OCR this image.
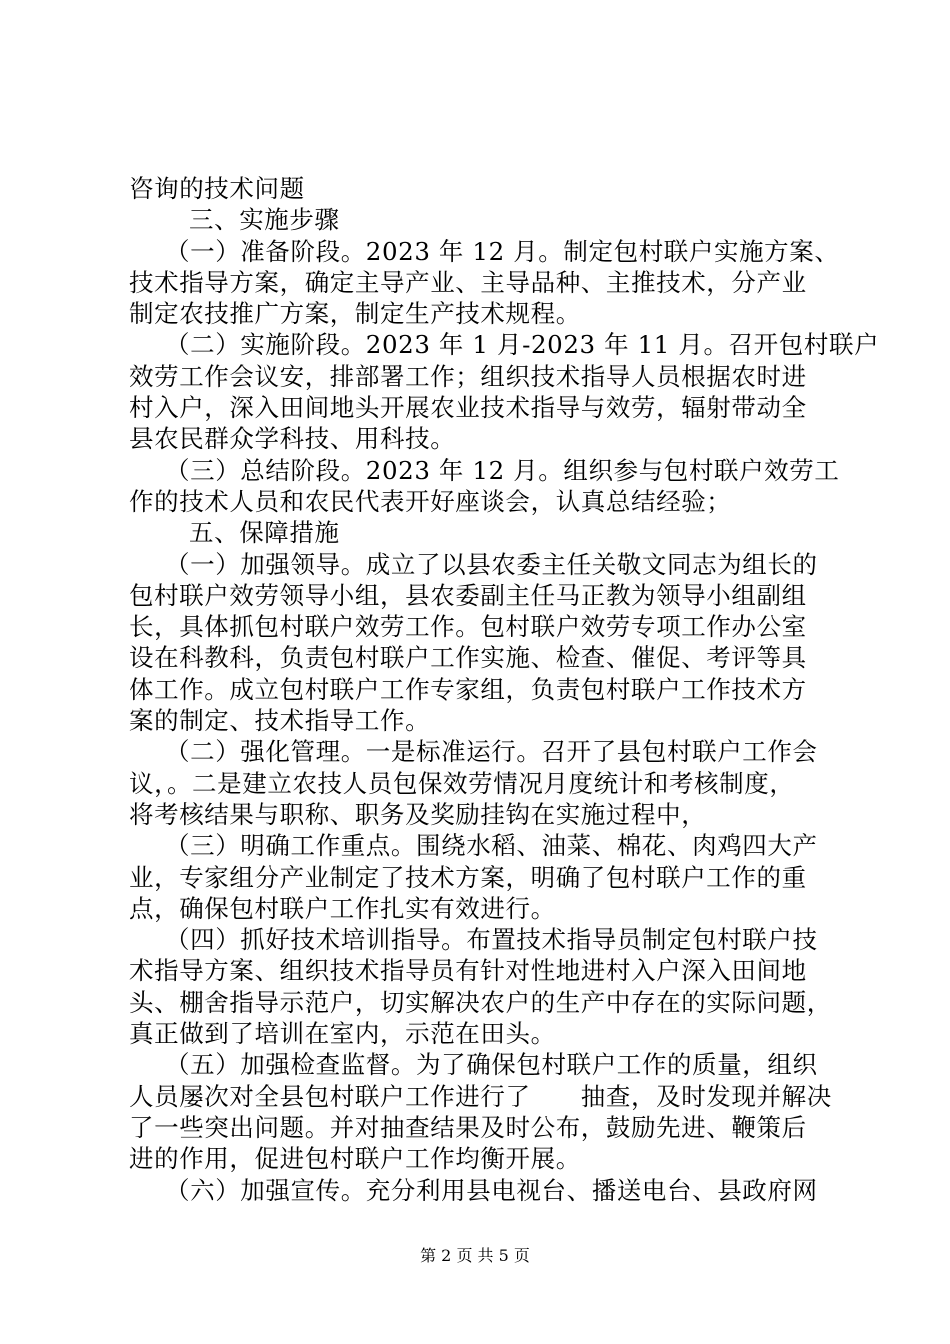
咨询的技术问题
三、实施步骤
（一）准备阶段。2023 年 12 月。制定包村联户实施方案、
技术指导方案，确定主导产业、主导品种、主推技术，分产业
制定农技推广方案，制定生产技术规程。
（二）实施阶段。2023 年 1 月-2023 年 11 月。召开包村联户
效劳工作会议安，排部署工作；组织技术指导人员根据农时进
村入户，深入田间地头开展农业技术指导与效劳，辐射带动全
县农民群众学科技、用科技。
（三）总结阶段。2023 年 12 月。组织参与包村联户效劳工
作的技术人员和农民代表开好座谈会，认真总结经验；
五、保障措施
（一）加强领导。成立了以县农委主任关敬文同志为组长的
包村联户效劳领导小组，县农委副主任马正教为领导小组副组
长，具体抓包村联户效劳工作。包村联户效劳专项工作办公室
设在科教科，负责包村联户工作实施、检查、催促、考评等具
体工作。成立包村联户工作专家组，负责包村联户工作技术方
案的制定、技术指导工作。
（二）强化管理。一是标准运行。召开了县包村联户工作会
议，。二是建立农技人员包保效劳情况月度统计和考核制度，
将考核结果与职称、职务及奖励挂钩在实施过程中，
（三）明确工作重点。围绕水稻、油菜、棉花、肉鸡四大产
业，专家组分产业制定了技术方案，明确了包村联户工作的重
点，确保包村联户工作扎实有效进行。
（四）抓好技术培训指导。布置技术指导员制定包村联户技
术指导方案、组织技术指导员有针对性地进村入户深入田间地
头、棚舍指导示范户，切实解决农户的生产中存在的实际问题，
真正做到了培训在室内，示范在田头。
（五）加强检查监督。为了确保包村联户工作的质量，组织
人员屡次对全县包村联户工作进行了　　抽查，及时发现并解决
了一些突出问题。并对抽查结果及时公布，鼓励先进、鞭策后
进的作用，促进包村联户工作均衡开展。
（六）加强宣传。充分利用县电视台、播送电台、县政府网
第 2 页 共 5 页
